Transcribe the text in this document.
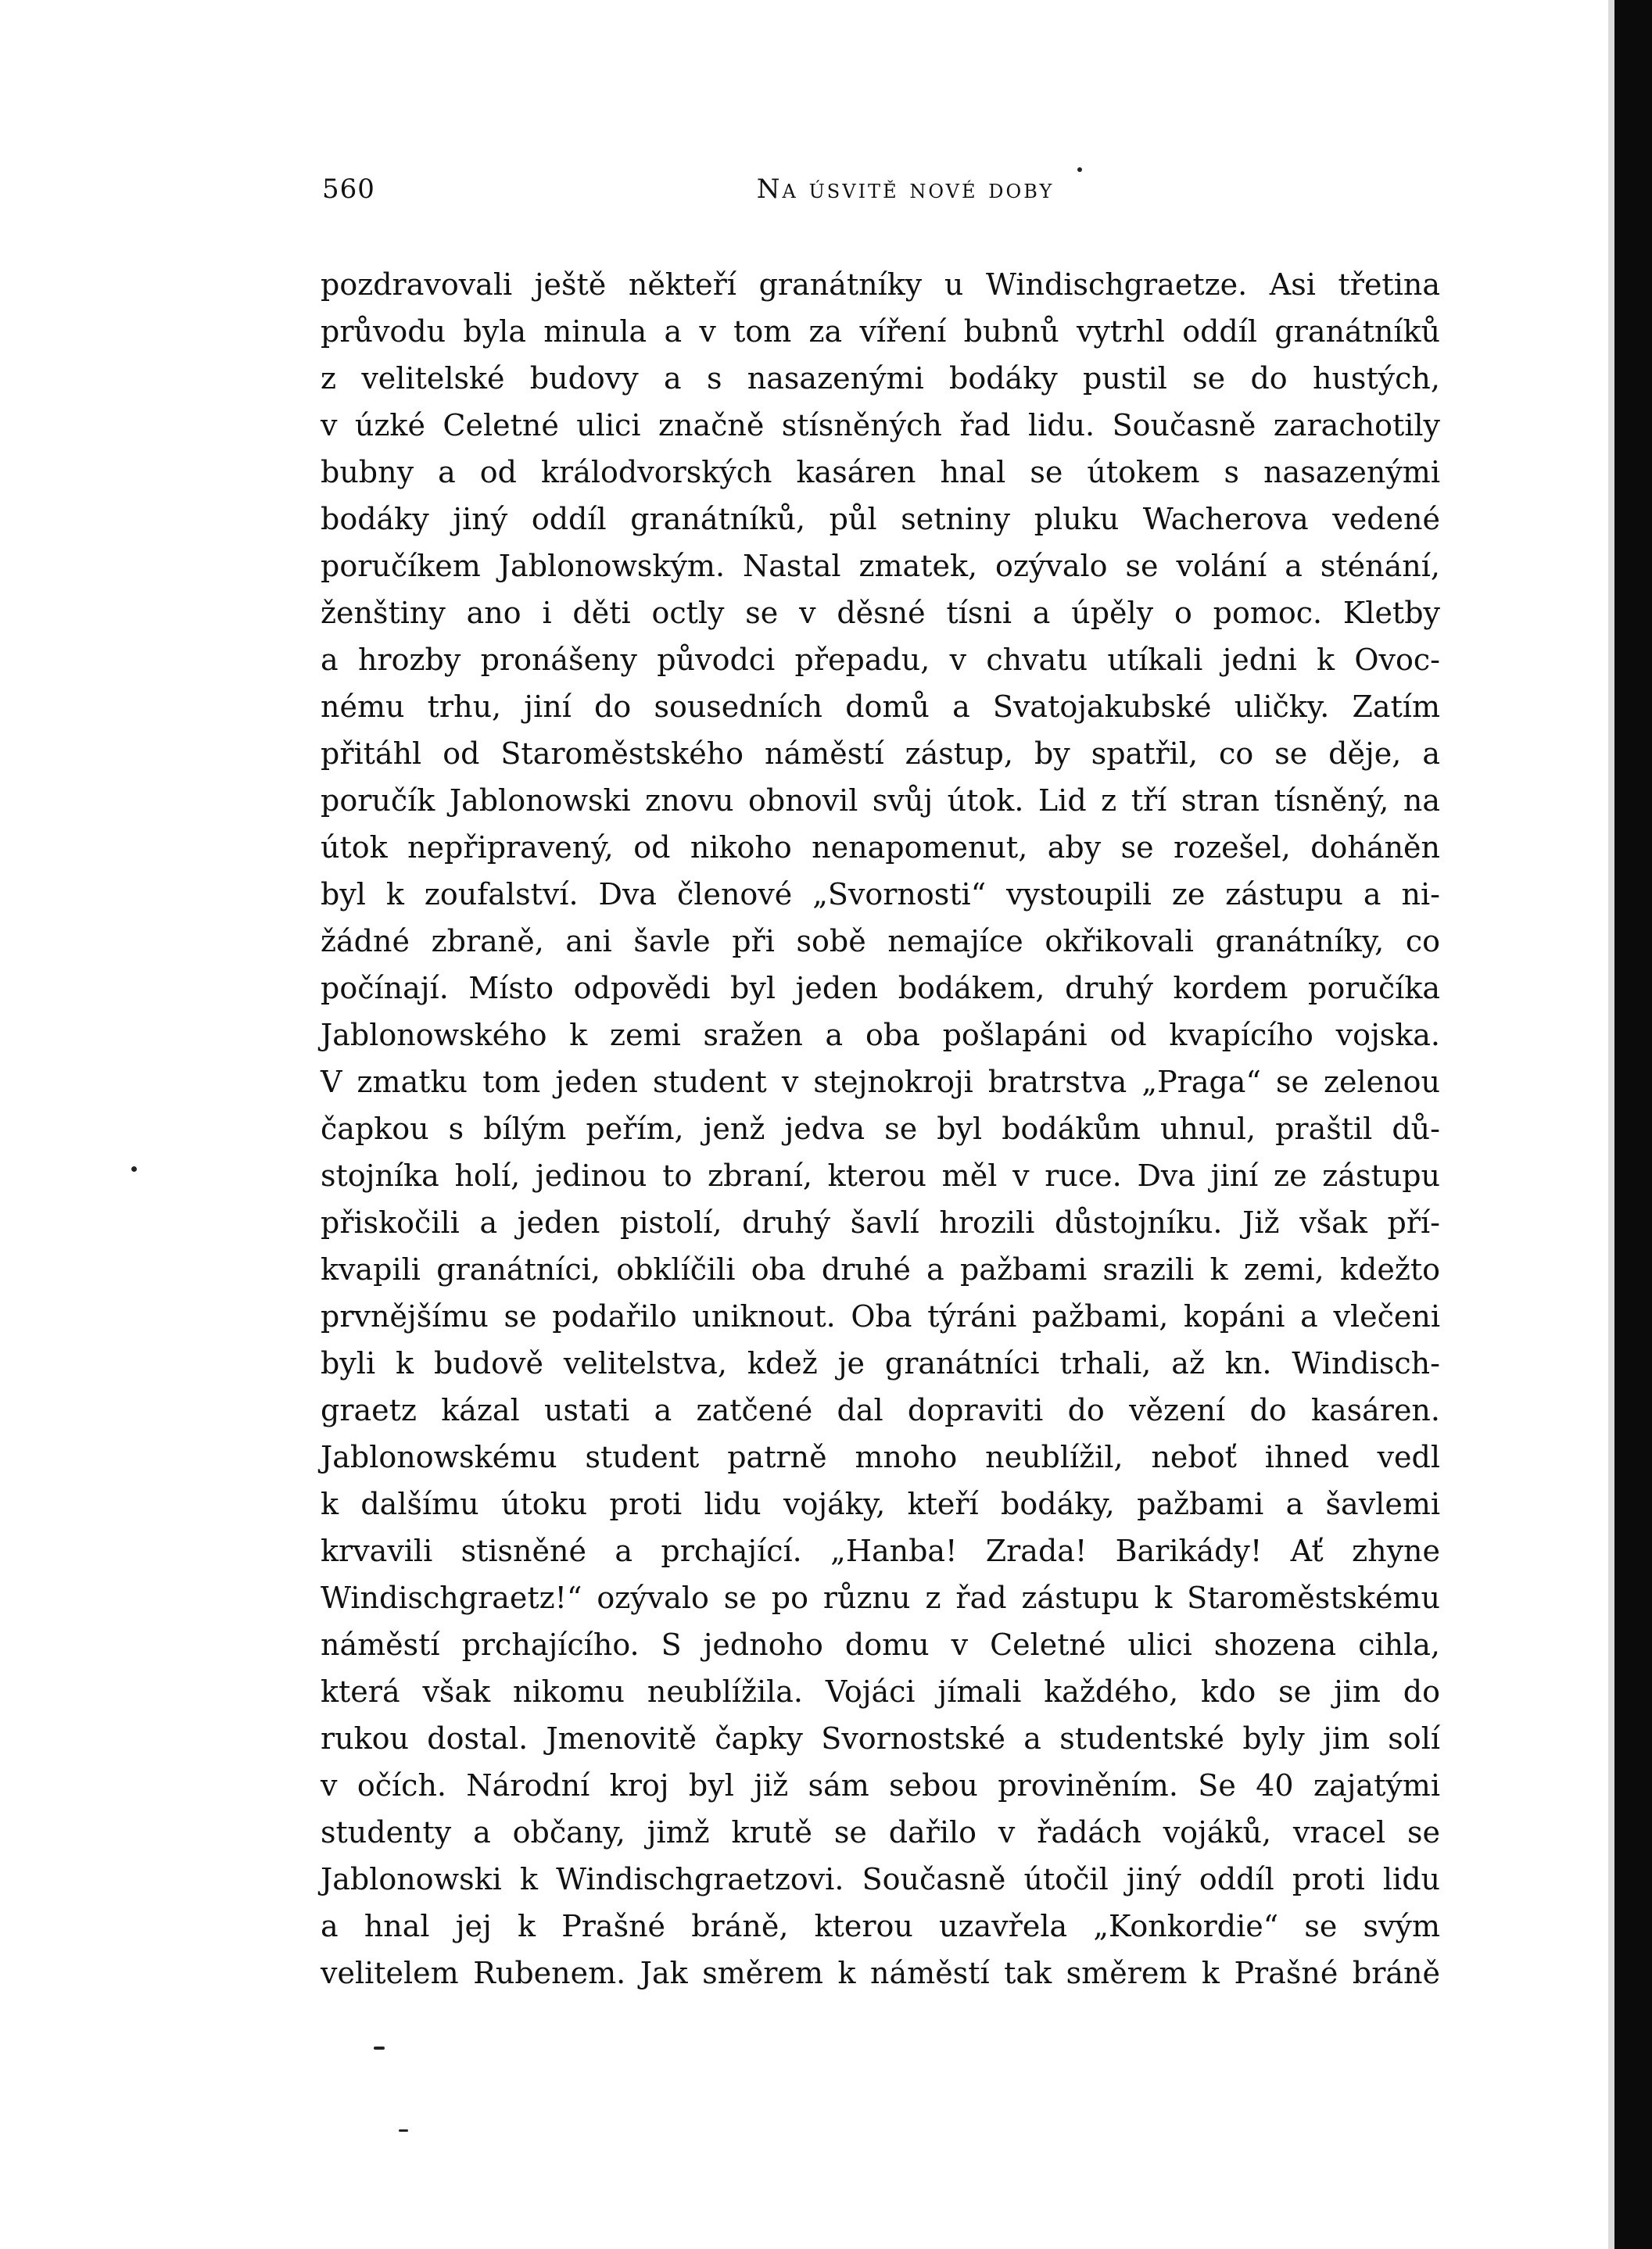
560	Na úsvitě nové doby
pozdravovali ještě někteří granátníky u Windischgraetze. Asi třetina
průvodu byla minula a v tom za víření bubnů vytrhl oddíl granátníků
z velitelské budovy a s nasazenými bodáky pustil se do hustých,
v úzké Celetné ulici značně stísněných řad lidu. Současně zarachotily
bubny a od králodvorských kasáren hnal se útokem s nasazenými
bodáky jiný oddíl granátníků, půl setniny pluku Wacherova vedené
poručíkem Jablonowským. Nastal zmatek, ozývalo se volání a sténání,
ženštiny ano i děti octly se v děsné tísni a úpěly o pomoc. Kletby
a hrozby pronášeny původci přepadu, v chvatu utíkali jedni k Ovoc-
nému trhu, jiní do sousedních domů a Svatojakubské uličky. Zatím
přitáhl od Staroměstského náměstí zástup, by spatřil, co se děje, a
poručík Jablonowski znovu obnovil svůj útok. Lid z tří stran tísněný, na
útok nepřipravený, od nikoho nenapomenut, aby se rozešel, doháněn
byl k zoufalství. Dva členové „Svornosti“ vystoupili ze zástupu a ni-
žádné zbraně, ani šavle při sobě nemajíce okřikovali granátníky, co
počínají. Místo odpovědi byl jeden bodákem, druhý kordem poručíka
Jablonowského k zemi sražen a oba pošlapáni od kvapícího vojska.
V zmatku tom jeden student v stejnokroji bratrstva „Praga“ se zelenou
čapkou s bílým peřím, jenž jedva se byl bodákům uhnul, praštil dů-
stojníka holí, jedinou to zbraní, kterou měl v ruce. Dva jiní ze zástupu
přiskočili a jeden pistolí, druhý šavlí hrozili důstojníku. Již však pří-
kvapili granátníci, obklíčili oba druhé a pažbami srazili k zemi, kdežto
prvnějšímu se podařilo uniknout. Oba týráni pažbami, kopáni a vlečeni
byli k budově velitelstva, kdež je granátníci trhali, až kn. Windisch-
graetz kázal ustati a zatčené dal dopraviti do vězení do kasáren.
Jablonowskému student patrně mnoho neublížil, neboť ihned vedl
k dalšímu útoku proti lidu vojáky, kteří bodáky, pažbami a šavlemi
krvavili stisněné a prchající. „Hanba! Zrada! Barikády! Ať zhyne
Windischgraetz!“ ozývalo se po různu z řad zástupu k Staroměstskému
náměstí prchajícího. S jednoho domu v Celetné ulici shozena cihla,
která však nikomu neublížila. Vojáci jímali každého, kdo se jim do
rukou dostal. Jmenovitě čapky Svornostské a studentské byly jim solí
v očích. Národní kroj byl již sám sebou proviněním. Se 40 zajatými
studenty a občany, jimž krutě se dařilo v řadách vojáků, vracel se
Jablonowski k Windischgraetzovi. Současně útočil jiný oddíl proti lidu
a hnal jej k Prašné bráně, kterou uzavřela „Konkordie“ se svým
velitelem Rubenem. Jak směrem k náměstí tak směrem k Prašné bráně
